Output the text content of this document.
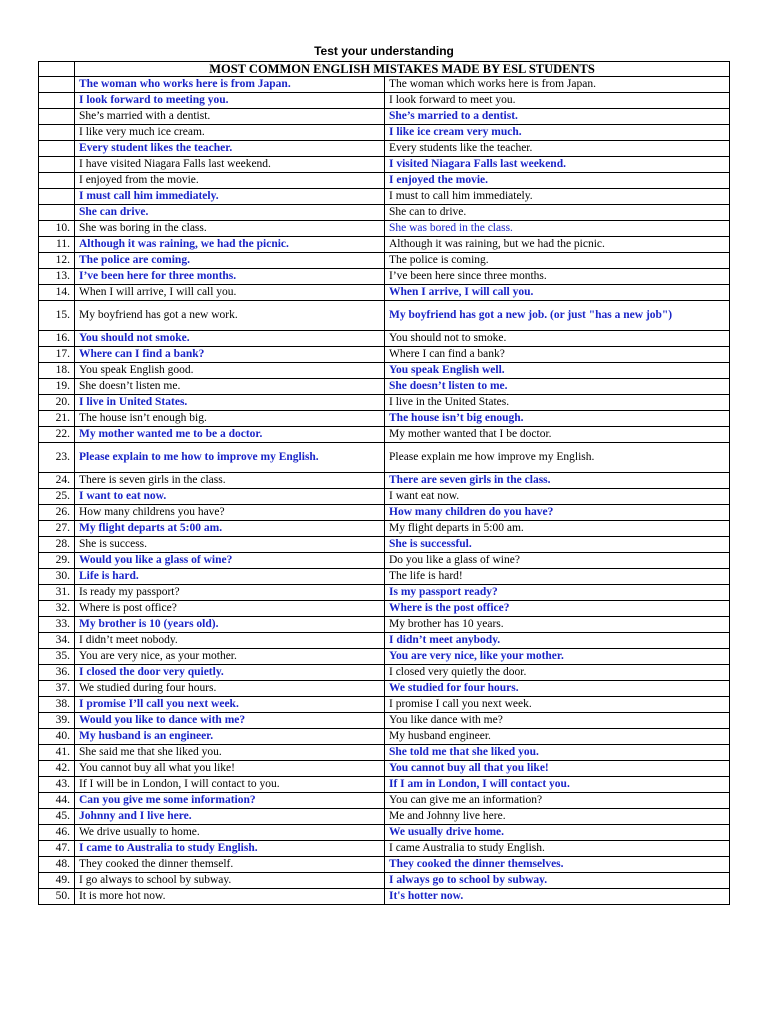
Test your understanding
	MOST COMMON ENGLISH MISTAKES MADE BY ESL STUDENTS	
	The woman who works here is from Japan.	The woman which works here is from Japan.
	I look forward to meeting you.	I look forward to meet you.
	She’s married with a dentist.	She’s married to a dentist.
	I like very much ice cream.	I like ice cream very much.
	Every student likes the teacher.	Every students like the teacher.
	I have visited Niagara Falls last weekend.	I visited Niagara Falls last weekend.
	I enjoyed from the movie.	I enjoyed the movie.
	I must call him immediately.	I must to call him immediately.
	She can drive.	She can to drive.
10.	She was boring in the class.	She was bored in the class.
11.	Although it was raining, we had the picnic.	Although it was raining, but we had the picnic.
12.	The police are coming.	The police is coming.
13.	I’ve been here for three months.	I’ve been here since three months.
14.	When I will arrive, I will call you.	When I arrive, I will call you.
15.	My boyfriend has got a new work.	My boyfriend has got a new job. (or just "has a new job")
16.	You should not smoke.	You should not to smoke.
17.	Where can I find a bank?	Where I can find a bank?
18.	You speak English good.	You speak English well.
19.	She doesn’t listen me.	She doesn’t listen to me.
20.	I live in United States.	I live in the United States.
21.	The house isn’t enough big.	The house isn’t big enough.
22.	My mother wanted me to be a doctor.	My mother wanted that I be doctor.
23.	Please explain to me how to improve my English.	Please explain me how improve my English.
24.	There is seven girls in the class.	There are seven girls in the class.
25.	I want to eat now.	I want eat now.
26.	How many childrens you have?	How many children do you have?
27.	My flight departs at 5:00 am.	My flight departs in 5:00 am.
28.	She is success.	She is successful.
29.	Would you like a glass of wine?	Do you like a glass of wine?
30.	Life is hard.	The life is hard!
31.	Is ready my passport?	Is my passport ready?
32.	Where is post office?	Where is the post office?
33.	My brother is 10 (years old).	My brother has 10 years.
34.	I didn’t meet nobody.	I didn’t meet anybody.
35.	You are very nice, as your mother.	You are very nice, like your mother.
36.	I closed the door very quietly.	I closed very quietly the door.
37.	We studied during four hours.	We studied for four hours.
38.	I promise I’ll call you next week.	I promise I call you next week.
39.	Would you like to dance with me?	You like dance with me?
40.	My husband is an engineer.	My husband engineer.
41.	She said me that she liked you.	She told me that she liked you.
42.	You cannot buy all what you like!	You cannot buy all that you like!
43.	If I will be in London, I will contact to you.	If I am in London, I will contact you.
44.	Can you give me some information?	You can give me an information?
45.	Johnny and I live here.	Me and Johnny live here.
46.	We drive usually to home.	We usually drive home.
47.	I came to Australia to study English.	I came Australia to study English.
48.	They cooked the dinner themself.	They cooked the dinner themselves.
49.	I go always to school by subway.	I always go to school by subway.
50.	It is more hot now.	It's hotter now.
